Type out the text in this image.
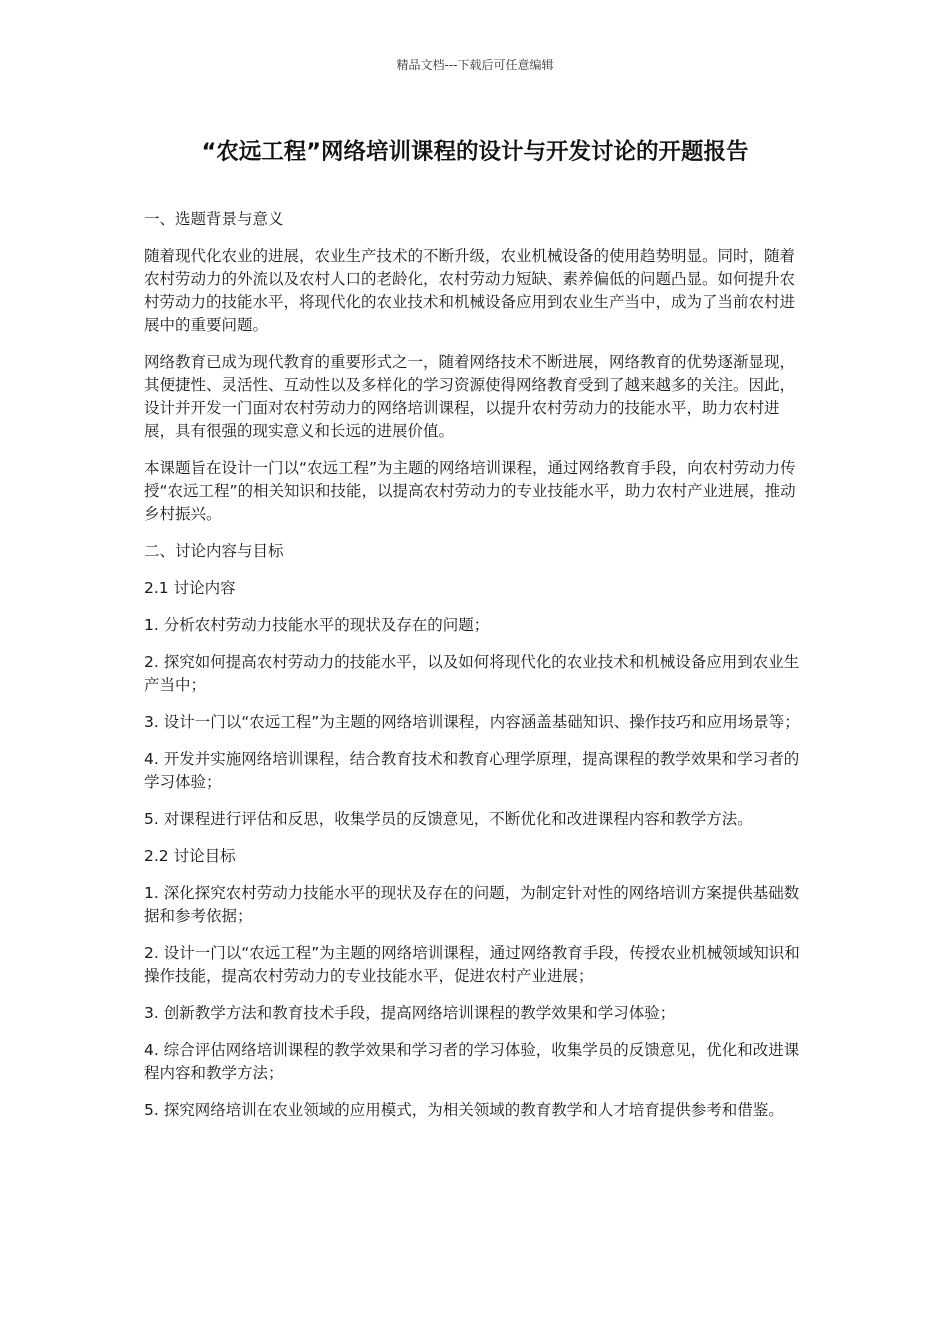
精品文档---下载后可任意编辑
“农远工程”网络培训课程的设计与开发讨论的开题报告

一、选题背景与意义

随着现代化农业的进展，农业生产技术的不断升级，农业机械设备的使用趋势明显。同时，随着农村劳动力的外流以及农村人口的老龄化，农村劳动力短缺、素养偏低的问题凸显。如何提升农村劳动力的技能水平，将现代化的农业技术和机械设备应用到农业生产当中，成为了当前农村进展中的重要问题。

网络教育已成为现代教育的重要形式之一，随着网络技术不断进展，网络教育的优势逐渐显现，其便捷性、灵活性、互动性以及多样化的学习资源使得网络教育受到了越来越多的关注。因此，设计并开发一门面对农村劳动力的网络培训课程，以提升农村劳动力的技能水平，助力农村进展，具有很强的现实意义和长远的进展价值。

本课题旨在设计一门以“农远工程”为主题的网络培训课程，通过网络教育手段，向农村劳动力传授“农远工程”的相关知识和技能，以提高农村劳动力的专业技能水平，助力农村产业进展，推动乡村振兴。

二、讨论内容与目标

2.1 讨论内容

1. 分析农村劳动力技能水平的现状及存在的问题；

2. 探究如何提高农村劳动力的技能水平，以及如何将现代化的农业技术和机械设备应用到农业生产当中；

3. 设计一门以“农远工程”为主题的网络培训课程，内容涵盖基础知识、操作技巧和应用场景等；

4. 开发并实施网络培训课程，结合教育技术和教育心理学原理，提高课程的教学效果和学习者的学习体验；

5. 对课程进行评估和反思，收集学员的反馈意见，不断优化和改进课程内容和教学方法。

2.2 讨论目标

1. 深化探究农村劳动力技能水平的现状及存在的问题，为制定针对性的网络培训方案提供基础数据和参考依据；

2. 设计一门以“农远工程”为主题的网络培训课程，通过网络教育手段，传授农业机械领域知识和操作技能，提高农村劳动力的专业技能水平，促进农村产业进展；

3. 创新教学方法和教育技术手段，提高网络培训课程的教学效果和学习体验；

4. 综合评估网络培训课程的教学效果和学习者的学习体验，收集学员的反馈意见，优化和改进课程内容和教学方法；

5. 探究网络培训在农业领域的应用模式，为相关领域的教育教学和人才培育提供参考和借鉴。
